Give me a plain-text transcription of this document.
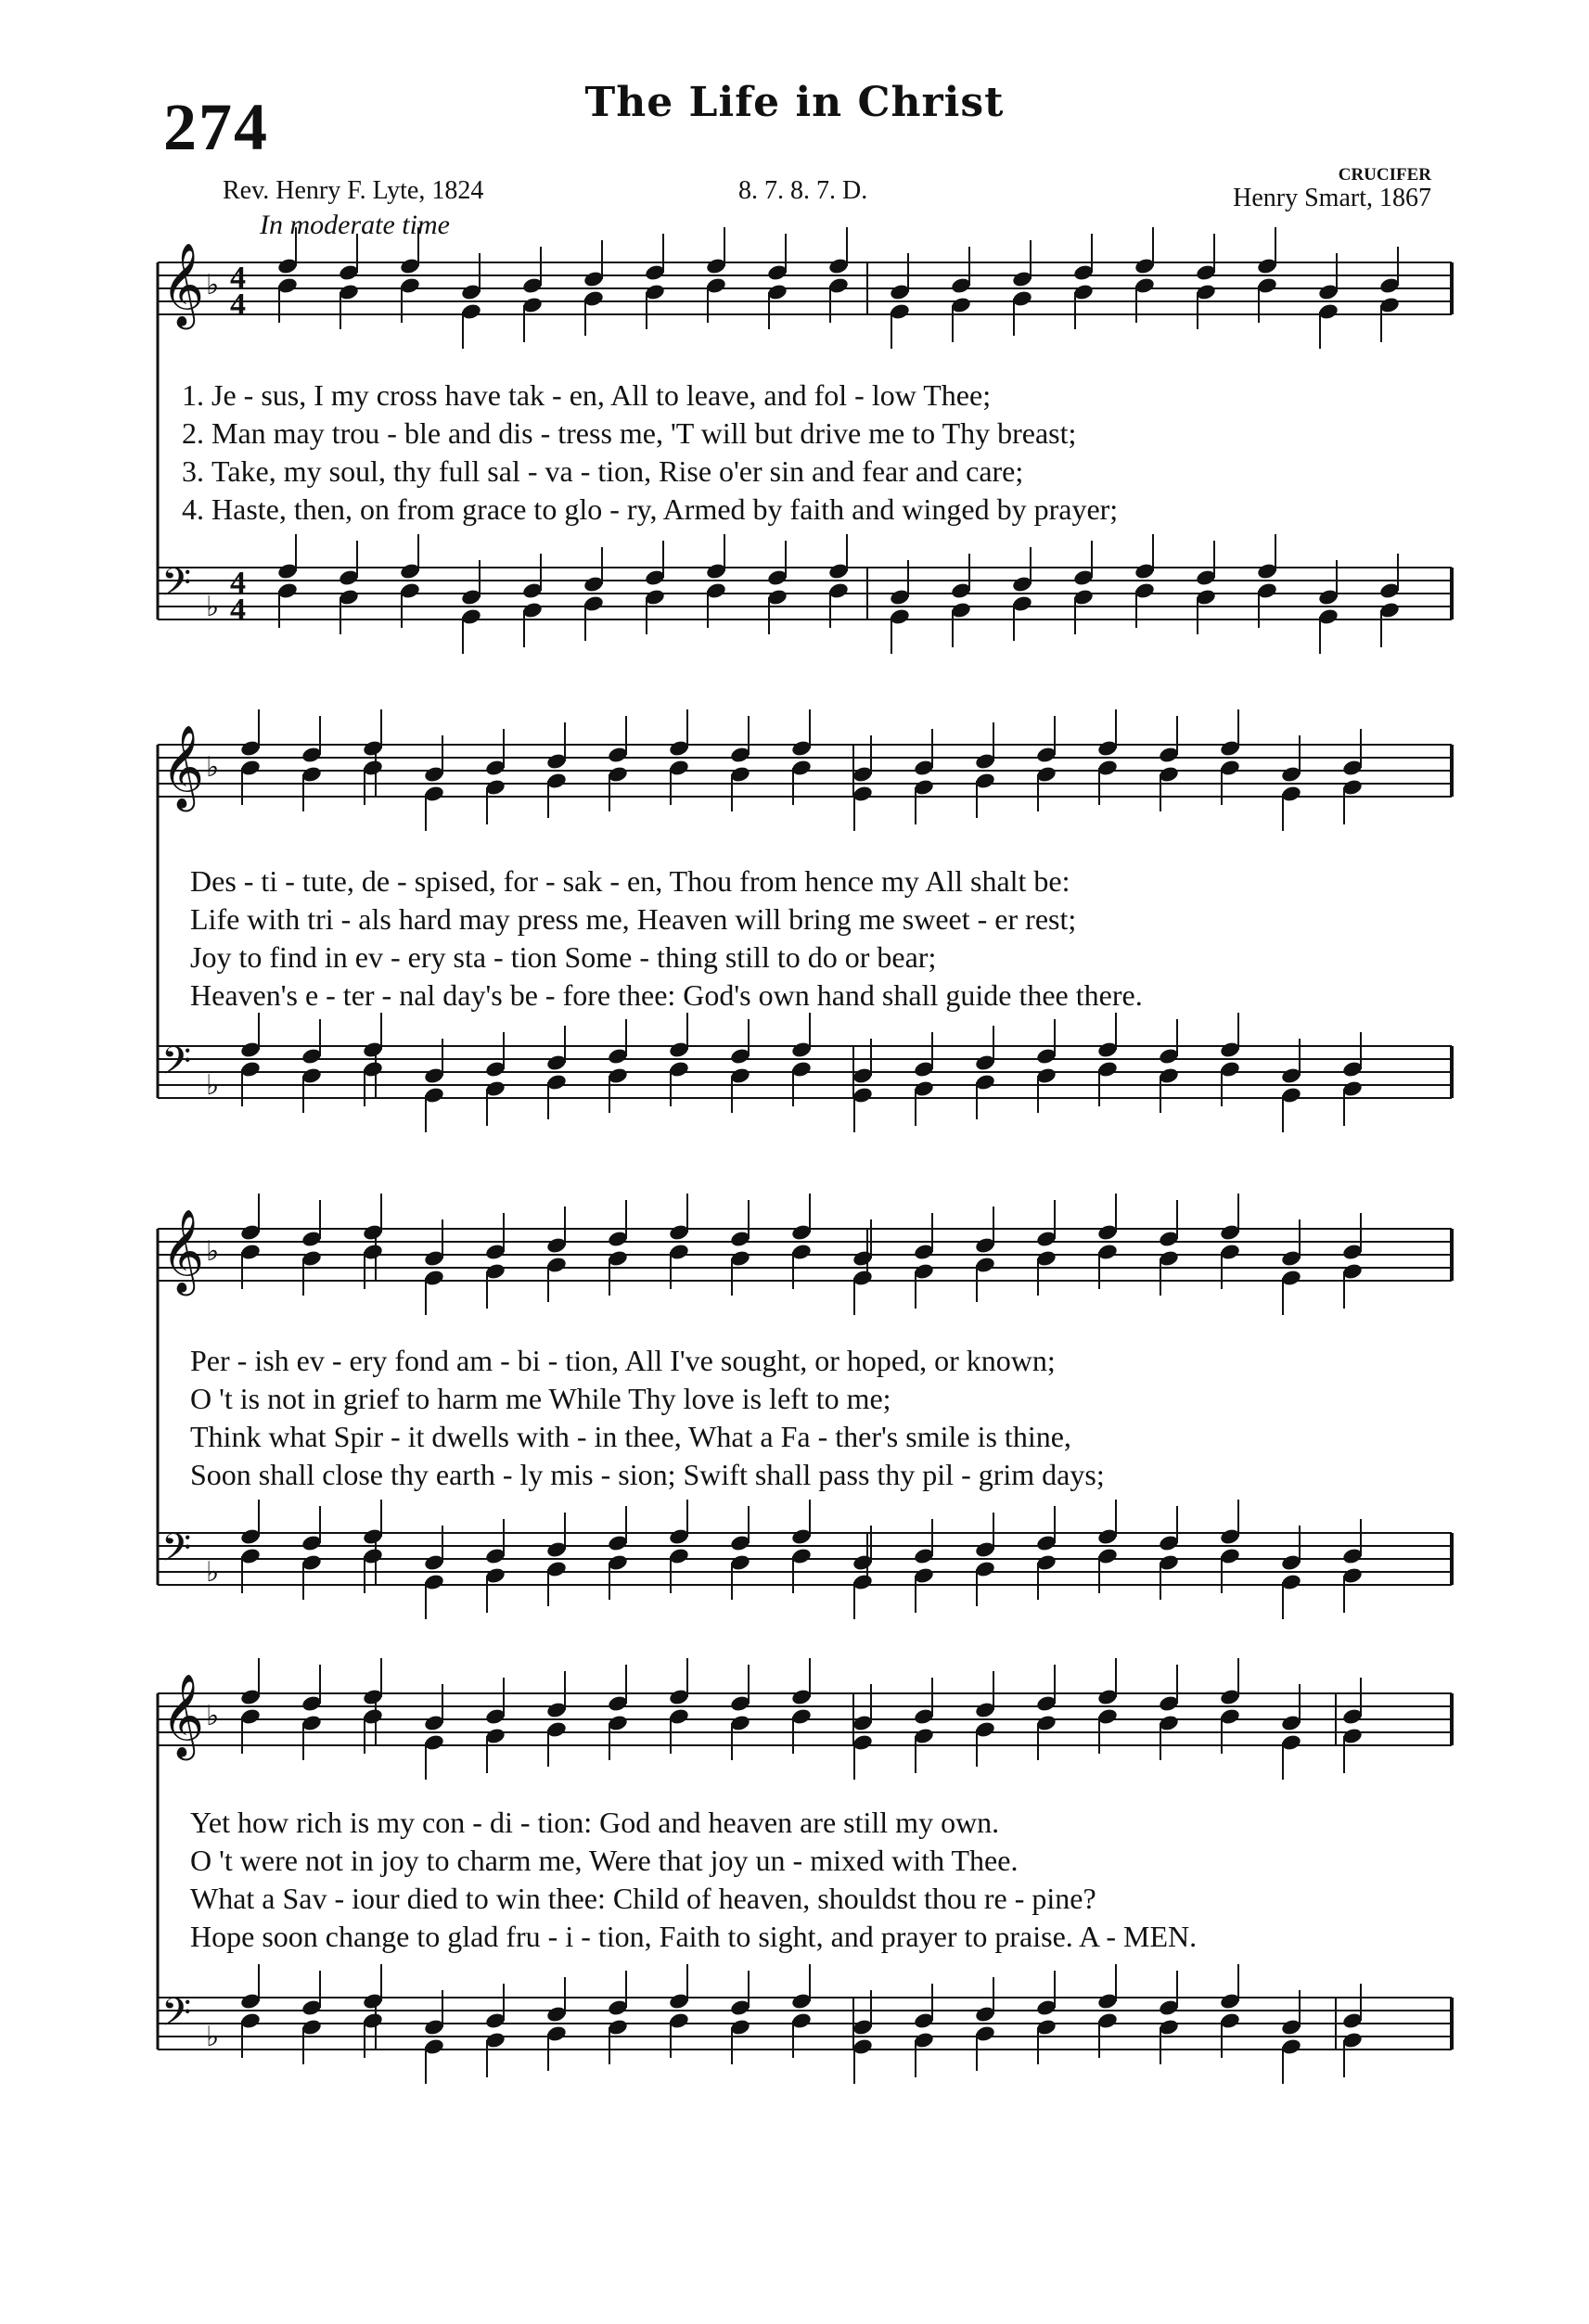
274	The Life in Christ
CRUCIFER
Rev. Henry F. Lyte, 1824	8. 7. 8. 7. D.	Henry Smart, 1867
In moderate time
𝄞 ♭ 4
4
𝄢 ♭
4
4
𝄞 ♭
𝄢 ♭
𝄞 ♭
𝄢 ♭
𝄞 ♭
𝄢 ♭
1. Je - sus, I my cross have tak - en, All to leave, and fol - low Thee;
2. Man may trou - ble and dis - tress me, 'T will but drive me to Thy breast;
3. Take, my soul, thy full sal - va - tion, Rise o'er sin and fear and care;
4. Haste, then, on from grace to glo - ry, Armed by faith and winged by prayer;
Des - ti - tute, de - spised, for - sak - en, Thou from hence my All shalt be:
Life with tri - als hard may press me, Heaven will bring me sweet - er rest;
Joy to find in ev - ery sta - tion Some - thing still to do or bear;
Heaven's e - ter - nal day's be - fore thee: God's own hand shall guide thee there.
Per - ish ev - ery fond am - bi - tion, All I've sought, or hoped, or known;
O 't is not in grief to harm me While Thy love is left to me;
Think what Spir - it dwells with - in thee, What a Fa - ther's smile is thine,
Soon shall close thy earth - ly mis - sion; Swift shall pass thy pil - grim days;
Yet how rich is my con - di - tion: God and heaven are still my own.
O 't were not in joy to charm me, Were that joy un - mixed with Thee.
What a Sav - iour died to win thee: Child of heaven, shouldst thou re - pine?
Hope soon change to glad fru - i - tion, Faith to sight, and prayer to praise. A - MEN.
